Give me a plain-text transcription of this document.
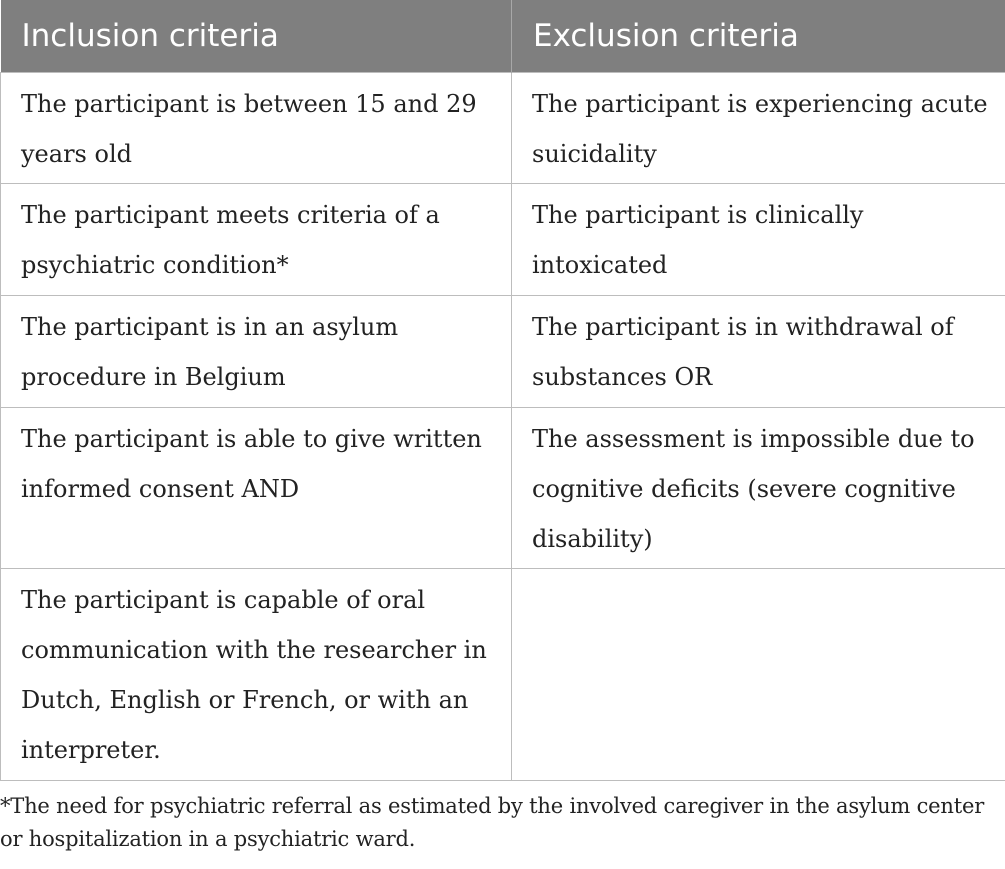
Inclusion criteria	Exclusion criteria
The participant is between 15 and 29 years old	The participant is experiencing acute suicidality
The participant meets criteria of a psychiatric condition*	The participant is clinically intoxicated
The participant is in an asylum procedure in Belgium	The participant is in withdrawal of substances OR
The participant is able to give written informed consent AND	The assessment is impossible due to cognitive deficits (severe cognitive disability)
The participant is capable of oral communication with the researcher in Dutch, English or French, or with an interpreter.	

*The need for psychiatric referral as estimated by the involved caregiver in the asylum center or hospitalization in a psychiatric ward.
